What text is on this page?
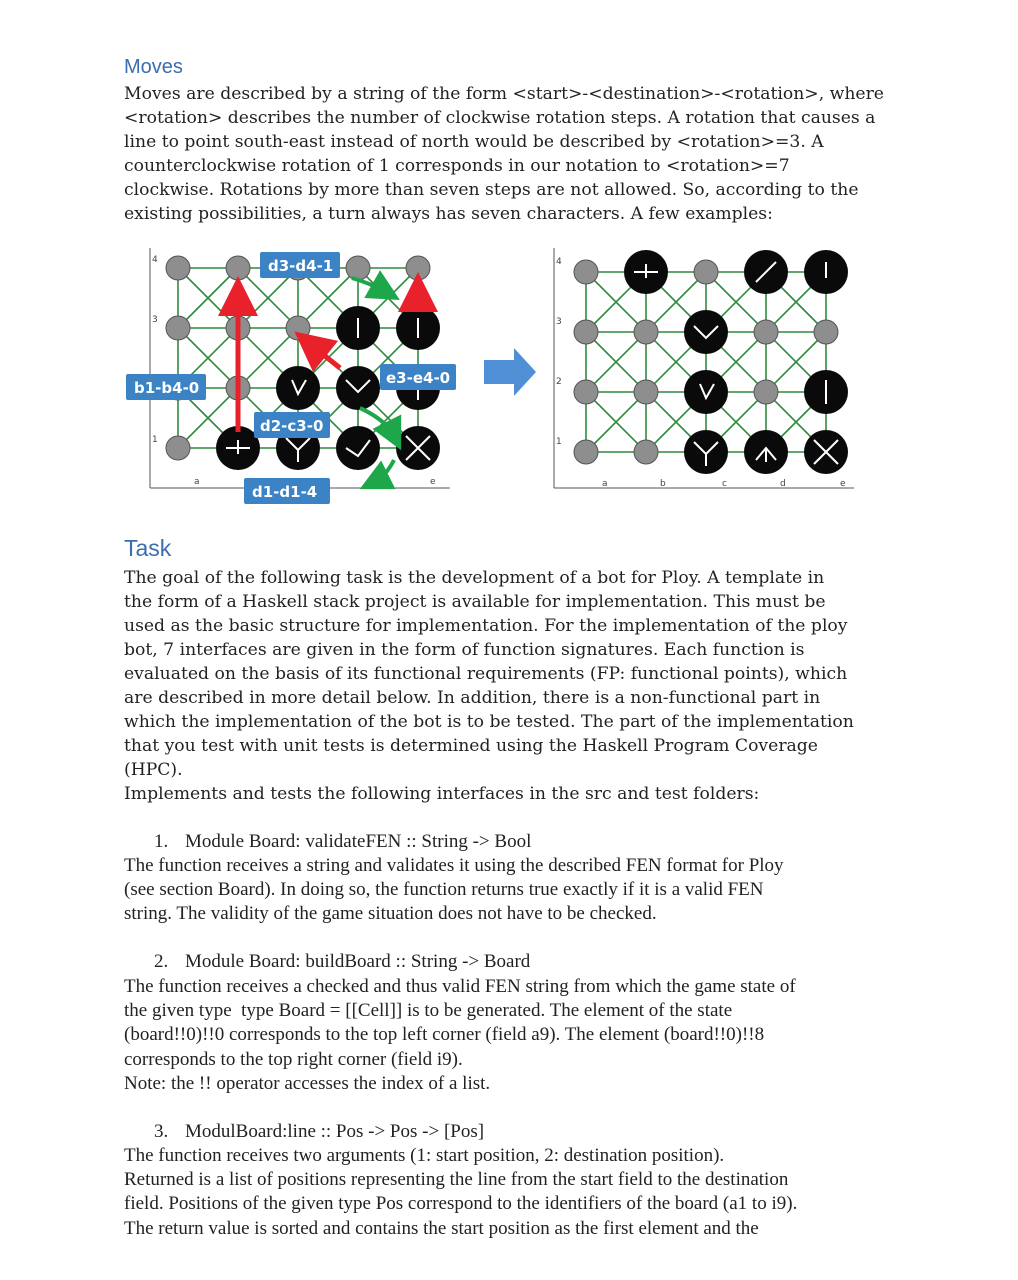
Moves
Moves are described by a string of the form <start>-<destination>-<rotation>, where
<rotation> describes the number of clockwise rotation steps. A rotation that causes a
line to point south-east instead of north would be described by <rotation>=3. A
counterclockwise rotation of 1 corresponds in our notation to <rotation>=7
clockwise. Rotations by more than seven steps are not allowed. So, according to the
existing possibilities, a turn always has seven characters. A few examples:
d3-d4-1
b1-b4-0
e3-e4-0
d2-c3-0
d1-d1-4
4
3
1
a	e
4
3
2
1
a	b	c	d	e
Task
The goal of the following task is the development of a bot for Ploy. A template in
the form of a Haskell stack project is available for implementation. This must be
used as the basic structure for implementation. For the implementation of the ploy
bot, 7 interfaces are given in the form of function signatures. Each function is
evaluated on the basis of its functional requirements (FP: functional points), which
are described in more detail below. In addition, there is a non-functional part in
which the implementation of the bot is to be tested. The part of the implementation
that you test with unit tests is determined using the Haskell Program Coverage
(HPC).
Implements and tests the following interfaces in the src and test folders:
1. Module Board: validateFEN :: String -> Bool
The function receives a string and validates it using the described FEN format for Ploy
(see section Board). In doing so, the function returns true exactly if it is a valid FEN
string. The validity of the game situation does not have to be checked.
2. Module Board: buildBoard :: String -> Board
The function receives a checked and thus valid FEN string from which the game state of
the given type  type Board = [[Cell]] is to be generated. The element of the state
(board!!0)!!0 corresponds to the top left corner (field a9). The element (board!!0)!!8
corresponds to the top right corner (field i9).
Note: the !! operator accesses the index of a list.
3. ModulBoard:line :: Pos -> Pos -> [Pos]
The function receives two arguments (1: start position, 2: destination position).
Returned is a list of positions representing the line from the start field to the destination
field. Positions of the given type Pos correspond to the identifiers of the board (a1 to i9).
The return value is sorted and contains the start position as the first element and the
